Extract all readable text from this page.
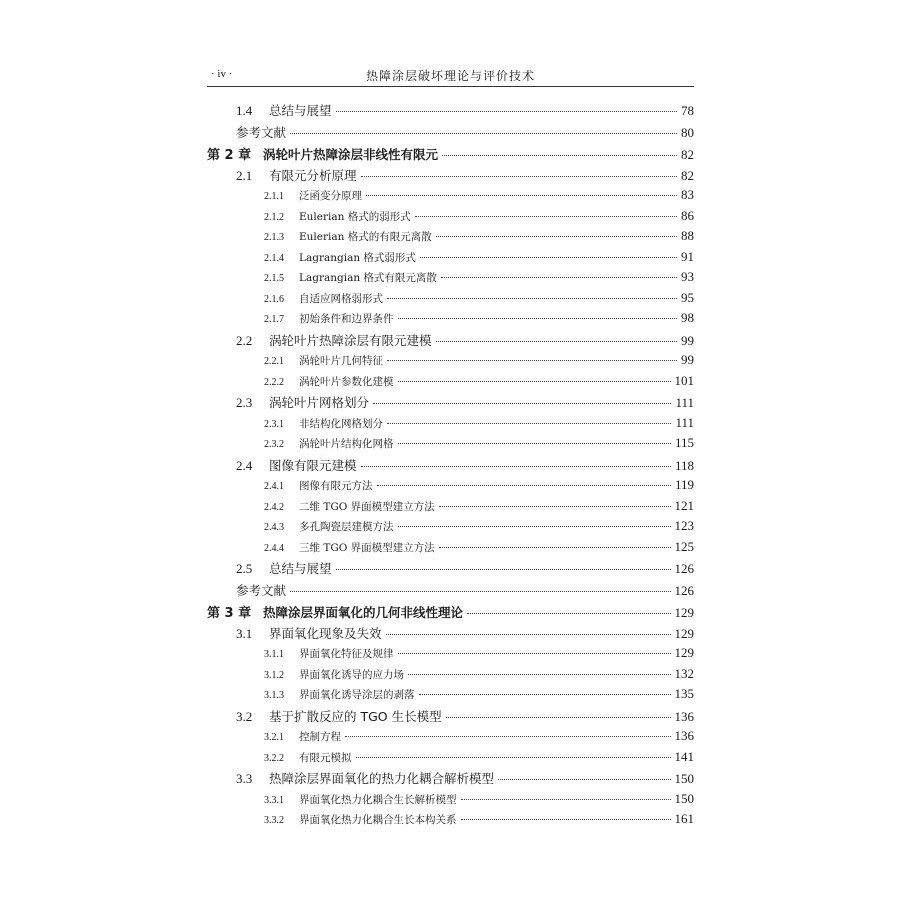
· iv ·	热障涂层破坏理论与评价技术
1.4	总结与展望	78
参考文献	80
第 2 章 涡轮叶片热障涂层非线性有限元	82
2.1	有限元分析原理	82
2.1.1	泛函变分原理	83
2.1.2	Eulerian 格式的弱形式	86
2.1.3	Eulerian 格式的有限元离散	88
2.1.4	Lagrangian 格式弱形式	91
2.1.5	Lagrangian 格式有限元离散	93
2.1.6	自适应网格弱形式	95
2.1.7	初始条件和边界条件	98
2.2	涡轮叶片热障涂层有限元建模	99
2.2.1	涡轮叶片几何特征	99
2.2.2	涡轮叶片参数化建模	101
2.3	涡轮叶片网格划分	111
2.3.1	非结构化网格划分	111
2.3.2	涡轮叶片结构化网格	115
2.4	图像有限元建模	118
2.4.1	图像有限元方法	119
2.4.2	二维 TGO 界面模型建立方法	121
2.4.3	多孔陶瓷层建模方法	123
2.4.4	三维 TGO 界面模型建立方法	125
2.5	总结与展望	126
参考文献	126
第 3 章 热障涂层界面氧化的几何非线性理论	129
3.1	界面氧化现象及失效	129
3.1.1	界面氧化特征及规律	129
3.1.2	界面氧化诱导的应力场	132
3.1.3	界面氧化诱导涂层的剥落	135
3.2	基于扩散反应的 TGO 生长模型	136
3.2.1	控制方程	136
3.2.2	有限元模拟	141
3.3	热障涂层界面氧化的热力化耦合解析模型	150
3.3.1	界面氧化热力化耦合生长解析模型	150
3.3.2	界面氧化热力化耦合生长本构关系	161
